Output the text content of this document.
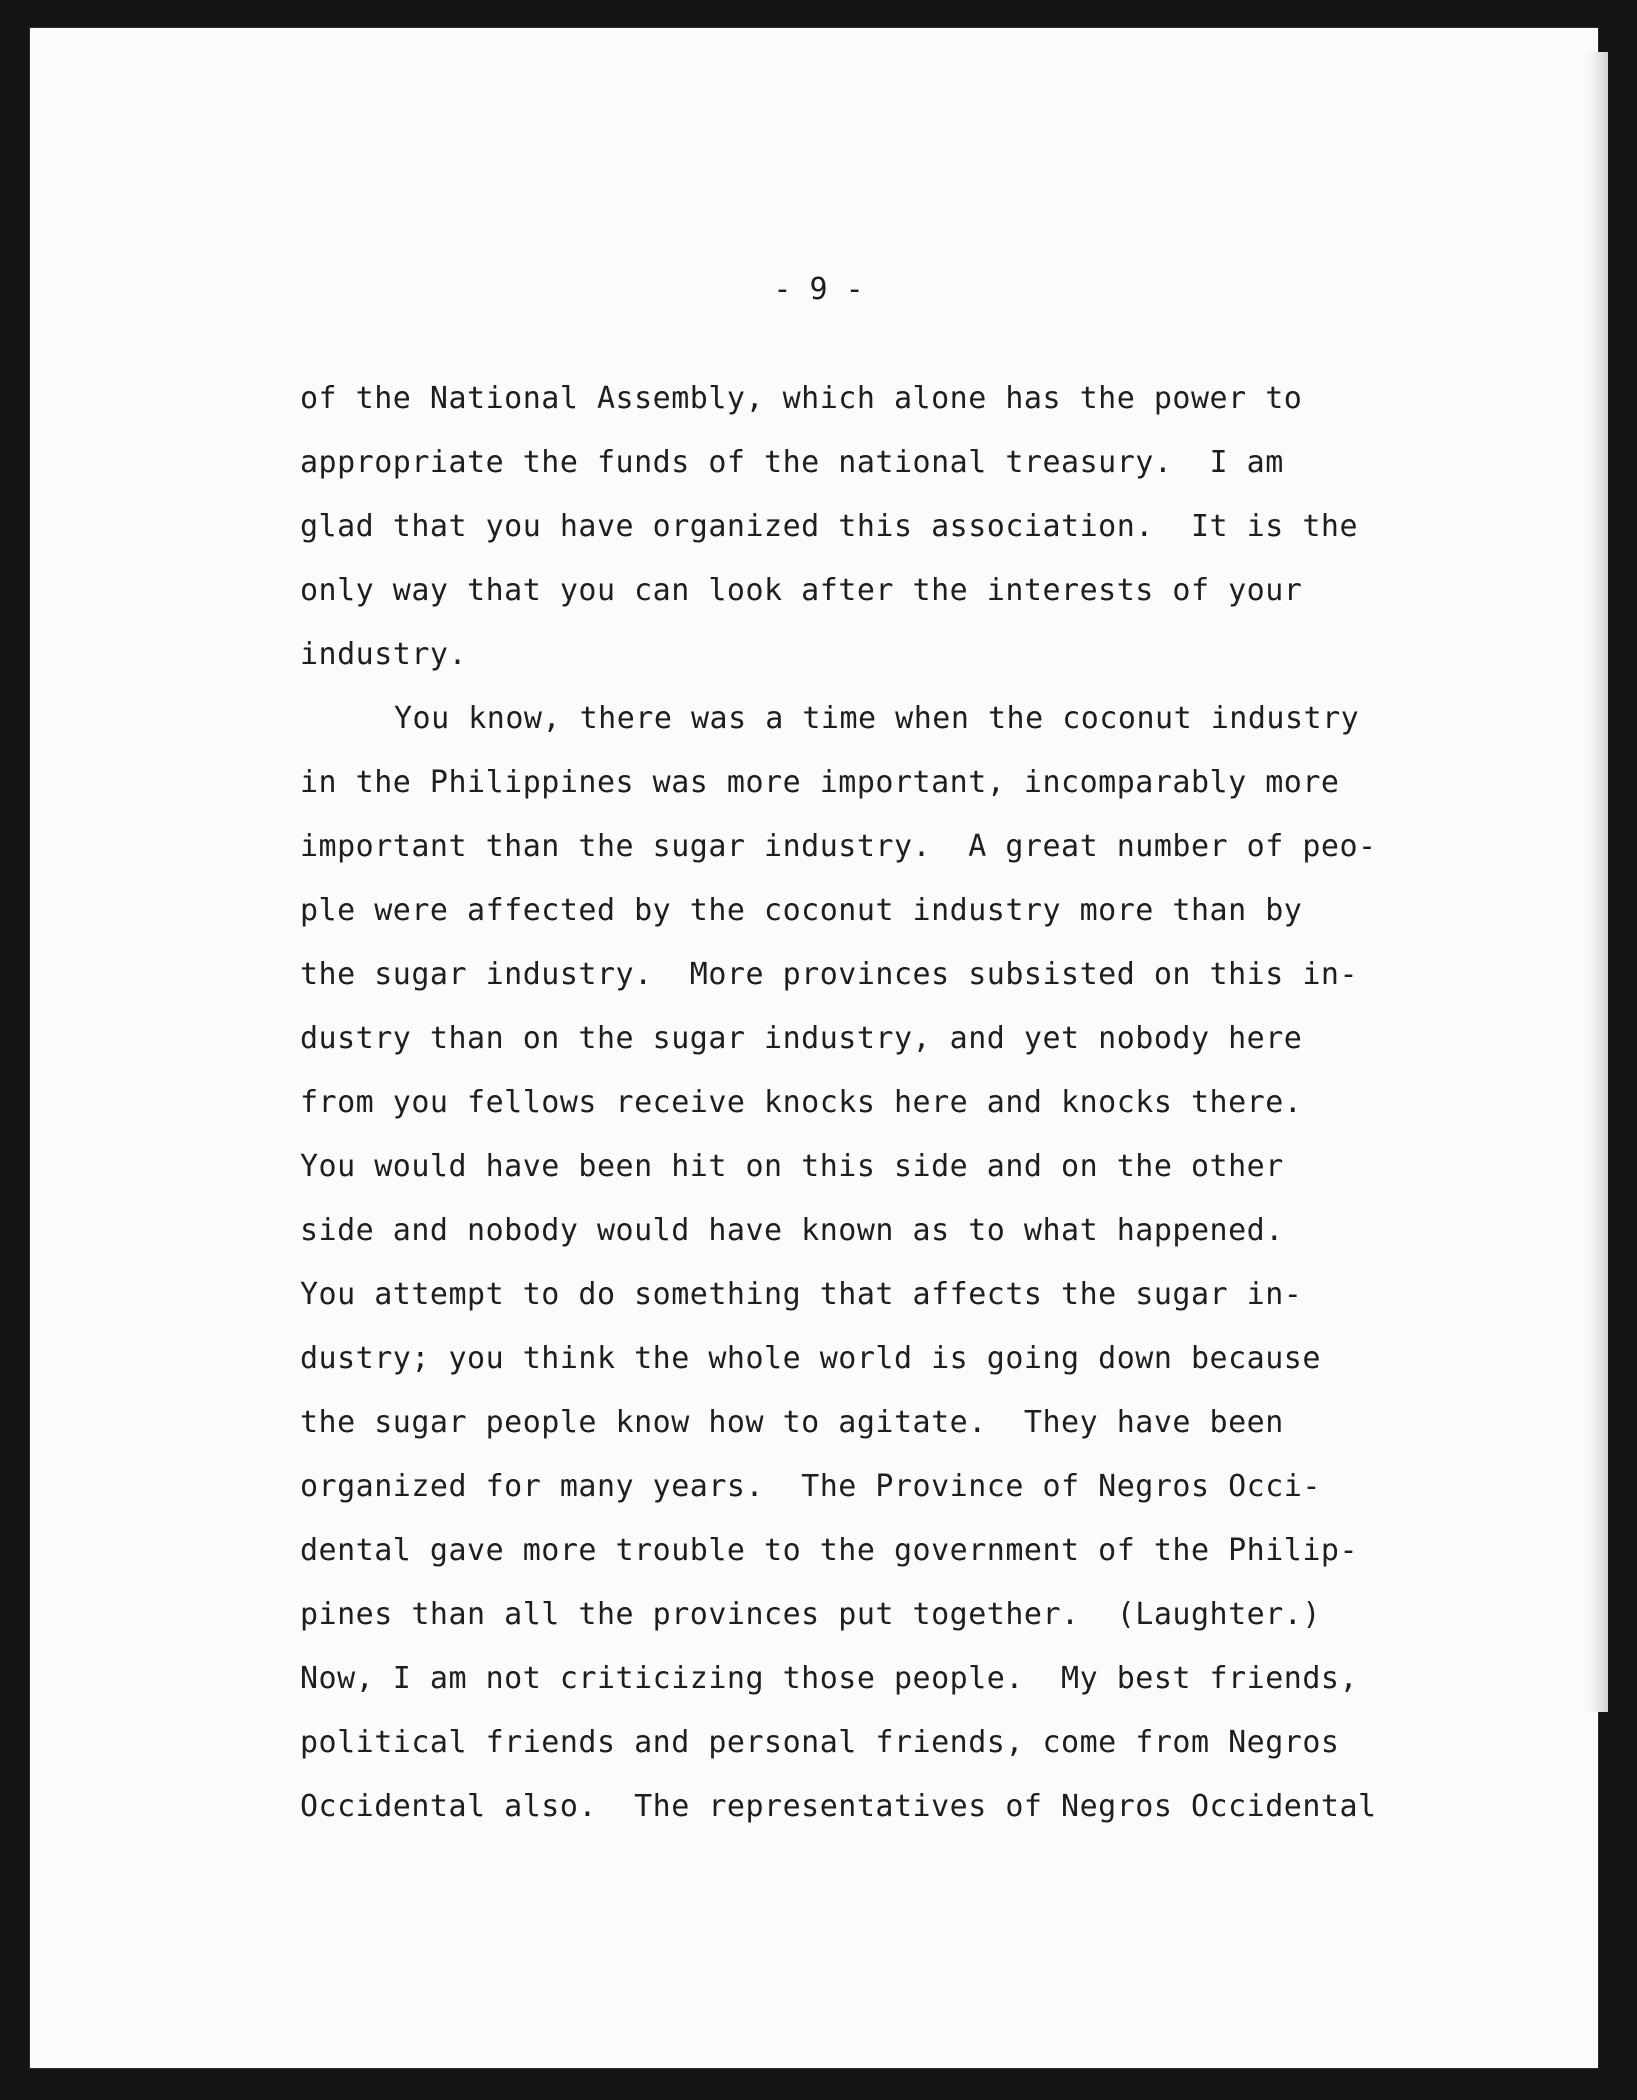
- 9 -
of the National Assembly, which alone has the power to
appropriate the funds of the national treasury.  I am
glad that you have organized this association.  It is the
only way that you can look after the interests of your
industry.
You know, there was a time when the coconut industry
in the Philippines was more important, incomparably more
important than the sugar industry.  A great number of peo-
ple were affected by the coconut industry more than by
the sugar industry.  More provinces subsisted on this in-
dustry than on the sugar industry, and yet nobody here
from you fellows receive knocks here and knocks there.
You would have been hit on this side and on the other
side and nobody would have known as to what happened.
You attempt to do something that affects the sugar in-
dustry; you think the whole world is going down because
the sugar people know how to agitate.  They have been
organized for many years.  The Province of Negros Occi-
dental gave more trouble to the government of the Philip-
pines than all the provinces put together.  (Laughter.)
Now, I am not criticizing those people.  My best friends,
political friends and personal friends, come from Negros
Occidental also.  The representatives of Negros Occidental
